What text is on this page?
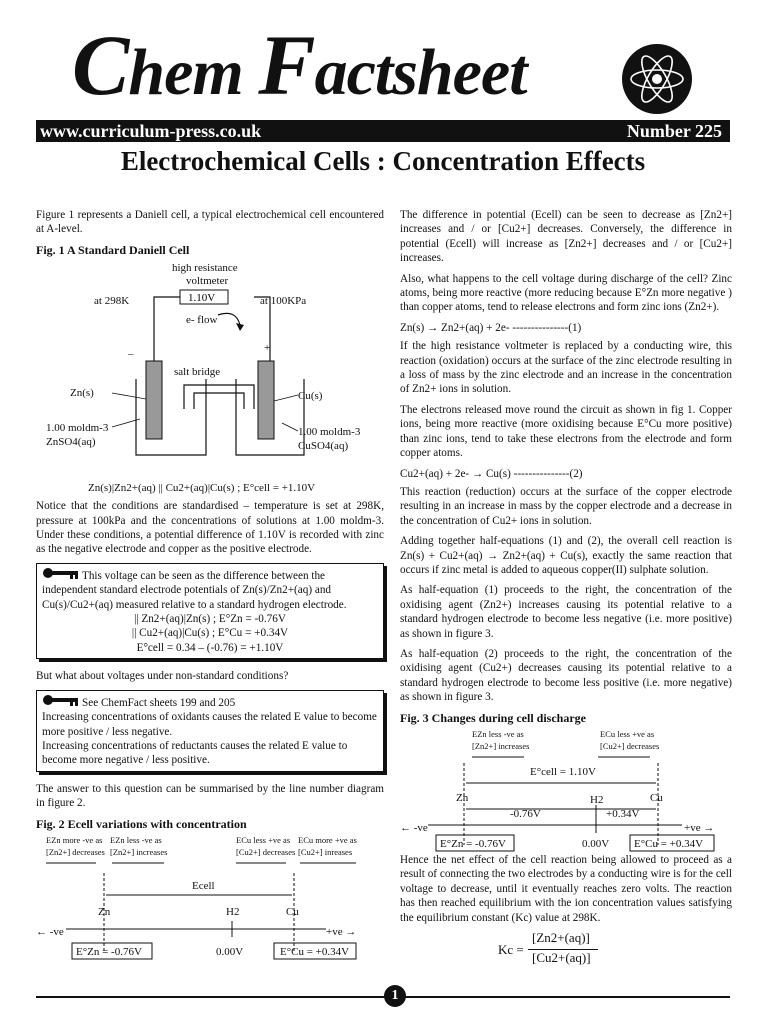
Chem Factsheet
www.curriculum-press.co.uk	Number 225
Electrochemical Cells : Concentration Effects

Figure 1 represents a Daniell cell, a typical electrochemical cell encountered at A-level.

Fig. 1 A Standard Daniell Cell
high resistance
voltmeter
at 298K	at 100KPa
e- flow
–	+
salt bridge
Zn(s)	Cu(s)
1.00 moldm-3
ZnSO4(aq)
1.00 moldm-3
CuSO4(aq)
Zn(s)|Zn2+(aq) || Cu2+(aq)|Cu(s) ; E°cell = +1.10V
1.10V

Notice that the conditions are standardised – temperature is set at 298K, pressure at 100kPa and the concentrations of solutions at 1.00 moldm-3. Under these conditions, a potential difference of 1.10V is recorded with zinc as the negative electrode and copper as the positive electrode.

This voltage can be seen as the difference between the independent standard electrode potentials of Zn(s)/Zn2+(aq) and Cu(s)/Cu2+(aq) measured relative to a standard hydrogen electrode.
|| Zn2+(aq)|Zn(s) ; E°Zn = -0.76V
|| Cu2+(aq)|Cu(s) ; E°Cu = +0.34V
E°cell = 0.34 – (-0.76) = +1.10V

But what about voltages under non-standard conditions?

See ChemFact sheets 199 and 205
Increasing concentrations of oxidants causes the related E value to become more positive / less negative.
Increasing concentrations of reductants causes the related E value to become more negative / less positive.

The answer to this question can be summarised by the line number diagram in figure 2.

Fig. 2 Ecell variations with concentration
EZn more -ve as
[Zn2+] decreases
EZn less -ve as
[Zn2+] increases
ECu less +ve as
[Cu2+] decreases
ECu more +ve as
[Cu2+] inreases
Ecell
Zn	H2	Cu
← -ve	+ve →
E°Zn = -0.76V	0.00V	E°Cu = +0.34V

The difference in potential (Ecell) can be seen to decrease as [Zn2+] increases and / or [Cu2+] decreases. Conversely, the difference in potential (Ecell) will increase as [Zn2+] decreases and / or [Cu2+] increases.

Also, what happens to the cell voltage during discharge of the cell? Zinc atoms, being more reactive (more reducing because E°Zn more negative ) than copper atoms, tend to release electrons and form zinc ions (Zn2+).

Zn(s) → Zn2+(aq) + 2e- ---------------(1)

If the high resistance voltmeter is replaced by a conducting wire, this reaction (oxidation) occurs at the surface of the zinc electrode resulting in a loss of mass by the zinc electrode and an increase in the concentration of Zn2+ ions in solution.

The electrons released move round the circuit as shown in fig 1. Copper ions, being more reactive (more oxidising because E°Cu more positive) than zinc ions, tend to take these electrons from the electrode and form copper atoms.

Cu2+(aq) + 2e- → Cu(s) ---------------(2)

This reaction (reduction) occurs at the surface of the copper electrode resulting in an increase in mass by the copper electrode and a decrease in the concentration of Cu2+ ions in solution.

Adding together half-equations (1) and (2), the overall cell reaction is Zn(s) + Cu2+(aq) → Zn2+(aq) + Cu(s), exactly the same reaction that occurs if zinc metal is added to aqueous copper(II) sulphate solution.

As half-equation (1) proceeds to the right, the concentration of the oxidising agent (Zn2+) increases causing its potential relative to a standard hydrogen electrode to become less negative (i.e. more positive) as shown in figure 3.

As half-equation (2) proceeds to the right, the concentration of the oxidising agent (Cu2+) decreases causing its potential relative to a standard hydrogen electrode to become less positive (i.e. more negative) as shown in figure 3.

Fig. 3 Changes during cell discharge
EZn less -ve as
[Zn2+] increases
ECu less +ve as
[Cu2+] decreases
E°cell = 1.10V
Zn	H2	Cu
-0.76V	+0.34V
← -ve	+ve →
E°Zn = -0.76V	0.00V E°Cu = +0.34V

Hence the net effect of the cell reaction being allowed to proceed as a result of connecting the two electrodes by a conducting wire is for the cell voltage to decrease, until it eventually reaches zero volts. The reaction has then reached equilibrium with the ion concentration values satisfying the equilibrium constant (Kc) value at 298K.

Kc =
[Zn2+(aq)]
[Cu2+(aq)]
1
